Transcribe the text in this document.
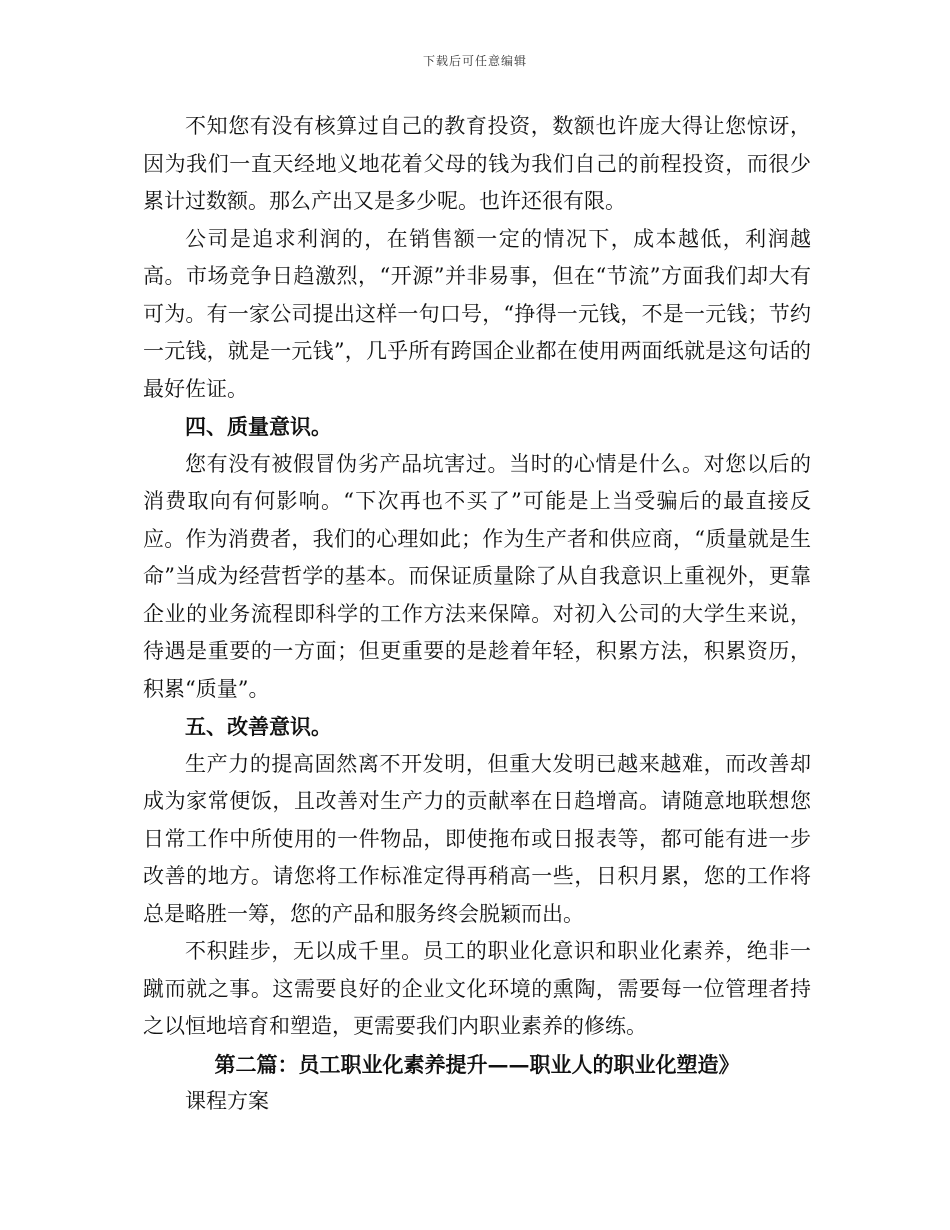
下载后可任意编辑

不知您有没有核算过自己的教育投资，数额也许庞大得让您惊讶，因为我们一直天经地义地花着父母的钱为我们自己的前程投资，而很少累计过数额。那么产出又是多少呢。也许还很有限。

公司是追求利润的，在销售额一定的情况下，成本越低，利润越高。市场竞争日趋激烈，“开源”并非易事，但在“节流”方面我们却大有可为。有一家公司提出这样一句口号，“挣得一元钱，不是一元钱；节约一元钱，就是一元钱”，几乎所有跨国企业都在使用两面纸就是这句话的最好佐证。

四、质量意识。

您有没有被假冒伪劣产品坑害过。当时的心情是什么。对您以后的消费取向有何影响。“下次再也不买了”可能是上当受骗后的最直接反应。作为消费者，我们的心理如此；作为生产者和供应商，“质量就是生命”当成为经营哲学的基本。而保证质量除了从自我意识上重视外，更靠企业的业务流程即科学的工作方法来保障。对初入公司的大学生来说，待遇是重要的一方面；但更重要的是趁着年轻，积累方法，积累资历，积累“质量”。

五、改善意识。

生产力的提高固然离不开发明，但重大发明已越来越难，而改善却成为家常便饭，且改善对生产力的贡献率在日趋增高。请随意地联想您日常工作中所使用的一件物品，即使拖布或日报表等，都可能有进一步改善的地方。请您将工作标准定得再稍高一些，日积月累，您的工作将总是略胜一筹，您的产品和服务终会脱颖而出。

不积跬步，无以成千里。员工的职业化意识和职业化素养，绝非一蹴而就之事。这需要良好的企业文化环境的熏陶，需要每一位管理者持之以恒地培育和塑造，更需要我们内职业素养的修练。

第二篇：员工职业化素养提升——职业人的职业化塑造》

课程方案
